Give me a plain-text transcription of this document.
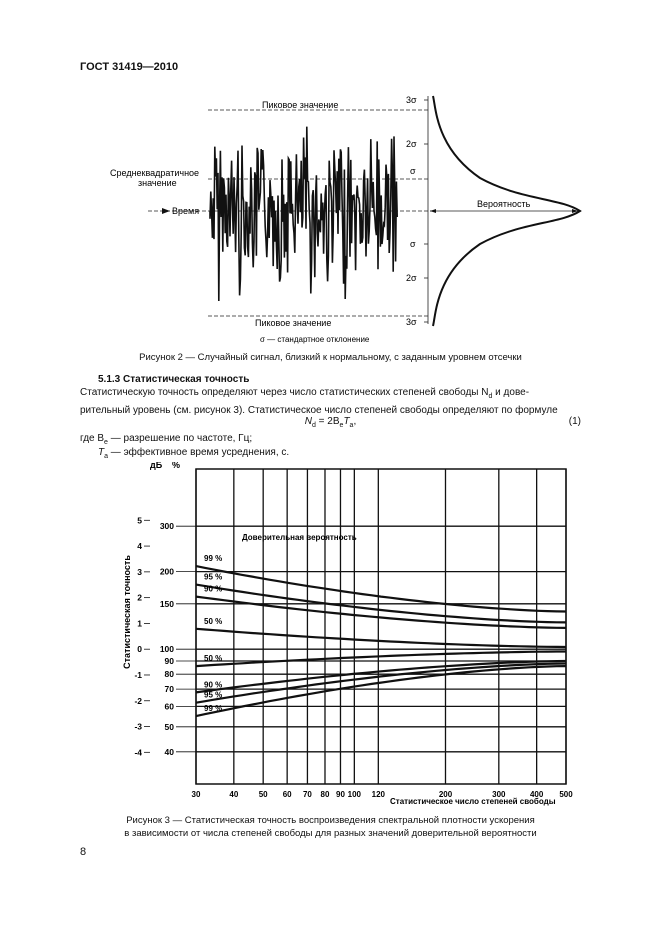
ГОСТ 31419—2010
Пиковое значение
Пиковое значение
Среднеквадратичное
значение
Время
Вероятность
3σ
2σ
σ
σ
2σ
3σ
σ — стандартное отклонение
Рисунок 2 — Случайный сигнал, близкий к нормальному, с заданным уровнем отсечки
5.1.3 Статистическая точность
Статистическую точность определяют через число статистических степеней свободы $N_d$ и дове-
рительный уровень (см. рисунок 3). Статистическое число степеней свободы определяют по формуле
$N_d = 2B_eT_a$,	(1)
где $B_e$ — разрешение по частоте, Гц;
$T_a$ — эффективное время усреднения, с.
30	40	50 60 70 80 90 100 120	200	300	400 500
40
50
60
70
80
90
100
150
200
300
5
4
3
2
1
0
-1
-2
-3
-4
99 %
95 %
90 %
50 %
50 %
90 %
95 %
99 %
дБ %
Статистическая точность
Статистическое число степеней свободы
Доверительная вероятность
Рисунок 3 — Статистическая точность воспроизведения спектральной плотности ускорения
в зависимости от числа степеней свободы для разных значений доверительной вероятности
8
